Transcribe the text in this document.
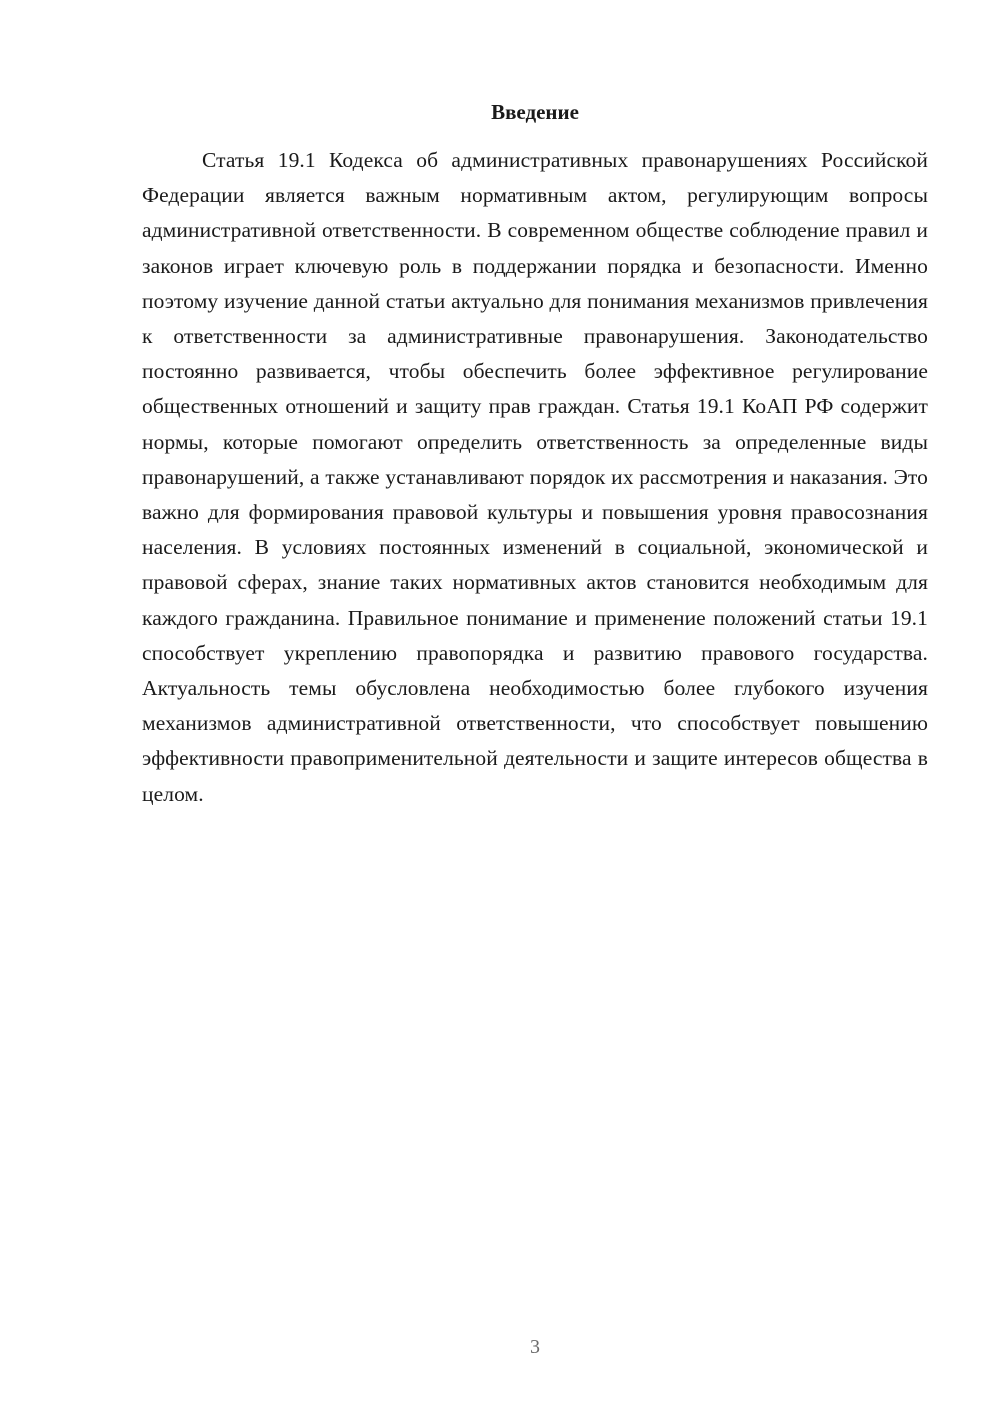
Введение

Статья 19.1 Кодекса об административных правонарушениях Российской Федерации является важным нормативным актом, регулирующим вопросы административной ответственности. В современном обществе соблюдение правил и законов играет ключевую роль в поддержании порядка и безопасности. Именно поэтому изучение данной статьи актуально для понимания механизмов привлечения к ответственности за административные правонарушения. Законодательство постоянно развивается, чтобы обеспечить более эффективное регулирование общественных отношений и защиту прав граждан. Статья 19.1 КоАП РФ содержит нормы, которые помогают определить ответственность за определенные виды правонарушений, а также устанавливают порядок их рассмотрения и наказания. Это важно для формирования правовой культуры и повышения уровня правосознания населения. В условиях постоянных изменений в социальной, экономической и правовой сферах, знание таких нормативных актов становится необходимым для каждого гражданина. Правильное понимание и применение положений статьи 19.1 способствует укреплению правопорядка и развитию правового государства. Актуальность темы обусловлена необходимостью более глубокого изучения механизмов административной ответственности, что способствует повышению эффективности правоприменительной деятельности и защите интересов общества в целом.

3
